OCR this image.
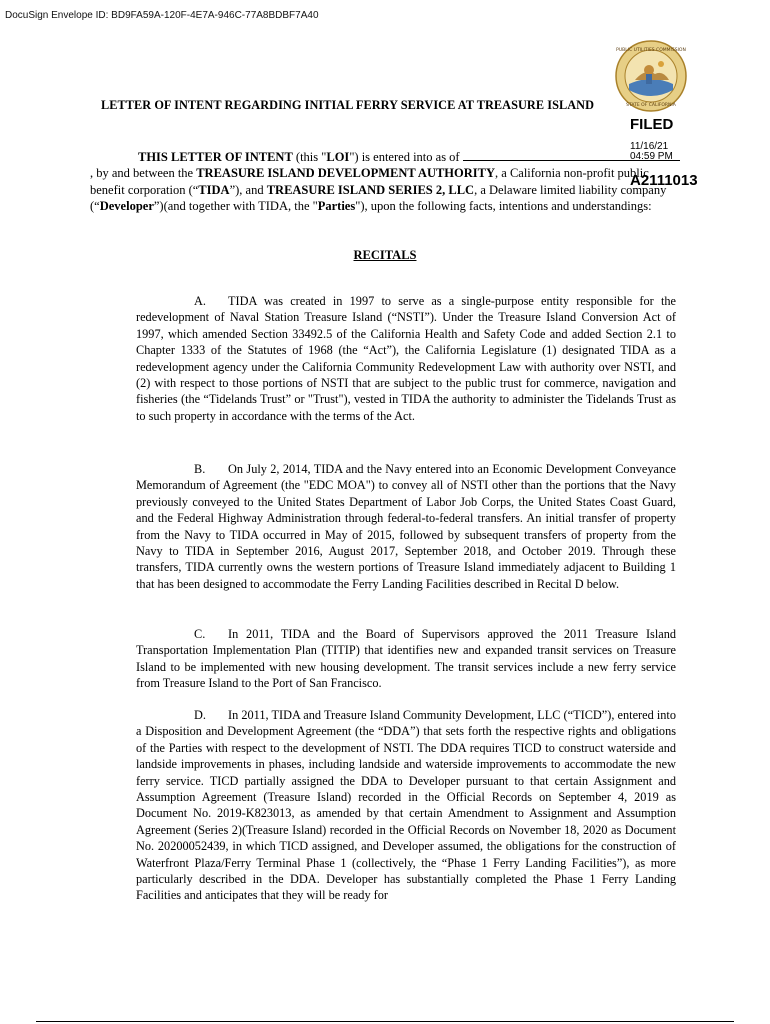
DocuSign Envelope ID: BD9FA59A-120F-4E7A-946C-77A8BDBF7A40
PUBLIC UTILITIES COMMISSION
STATE OF CALIFORNIA
LETTER OF INTENT REGARDING INITIAL FERRY SERVICE AT TREASURE ISLAND
FILED
11/16/21
04:59 PM
A2111013

THIS LETTER OF INTENT (this "LOI") is entered into as of  , by and between the TREASURE ISLAND DEVELOPMENT AUTHORITY, a California non-profit public benefit corporation (“TIDA”), and TREASURE ISLAND SERIES 2, LLC, a Delaware limited liability company (“Developer”)(and together with TIDA, the "Parties"), upon the following facts, intentions and understandings:

RECITALS

A. TIDA was created in 1997 to serve as a single-purpose entity responsible for the redevelopment of Naval Station Treasure Island (“NSTI”). Under the Treasure Island Conversion Act of 1997, which amended Section 33492.5 of the California Health and Safety Code and added Section 2.1 to Chapter 1333 of the Statutes of 1968 (the “Act”), the California Legislature (1) designated TIDA as a redevelopment agency under the California Community Redevelopment Law with authority over NSTI, and (2) with respect to those portions of NSTI that are subject to the public trust for commerce, navigation and fisheries (the “Tidelands Trust” or "Trust"), vested in TIDA the authority to administer the Tidelands Trust as to such property in accordance with the terms of the Act.

B. On July 2, 2014, TIDA and the Navy entered into an Economic Development Conveyance Memorandum of Agreement (the "EDC MOA") to convey all of NSTI other than the portions that the Navy previously conveyed to the United States Department of Labor Job Corps, the United States Coast Guard, and the Federal Highway Administration through federal-to-federal transfers. An initial transfer of property from the Navy to TIDA occurred in May of 2015, followed by subsequent transfers of property from the Navy to TIDA in September 2016, August 2017, September 2018, and October 2019. Through these transfers, TIDA currently owns the western portions of Treasure Island immediately adjacent to Building 1 that has been designed to accommodate the Ferry Landing Facilities described in Recital D below.

C. In 2011, TIDA and the Board of Supervisors approved the 2011 Treasure Island Transportation Implementation Plan (TITIP) that identifies new and expanded transit services on Treasure Island to be implemented with new housing development. The transit services include a new ferry service from Treasure Island to the Port of San Francisco.

D. In 2011, TIDA and Treasure Island Community Development, LLC (“TICD”), entered into a Disposition and Development Agreement (the “DDA”) that sets forth the respective rights and obligations of the Parties with respect to the development of NSTI. The DDA requires TICD to construct waterside and landside improvements in phases, including landside and waterside improvements to accommodate the new ferry service. TICD partially assigned the DDA to Developer pursuant to that certain Assignment and Assumption Agreement (Treasure Island) recorded in the Official Records on September 4, 2019 as Document No. 2019-K823013, as amended by that certain Amendment to Assignment and Assumption Agreement (Series 2)(Treasure Island) recorded in the Official Records on November 18, 2020 as Document No. 20200052439, in which TICD assigned, and Developer assumed, the obligations for the construction of Waterfront Plaza/Ferry Terminal Phase 1 (collectively, the “Phase 1 Ferry Landing Facilities”), as more particularly described in the DDA. Developer has substantially completed the Phase 1 Ferry Landing Facilities and anticipates that they will be ready for
